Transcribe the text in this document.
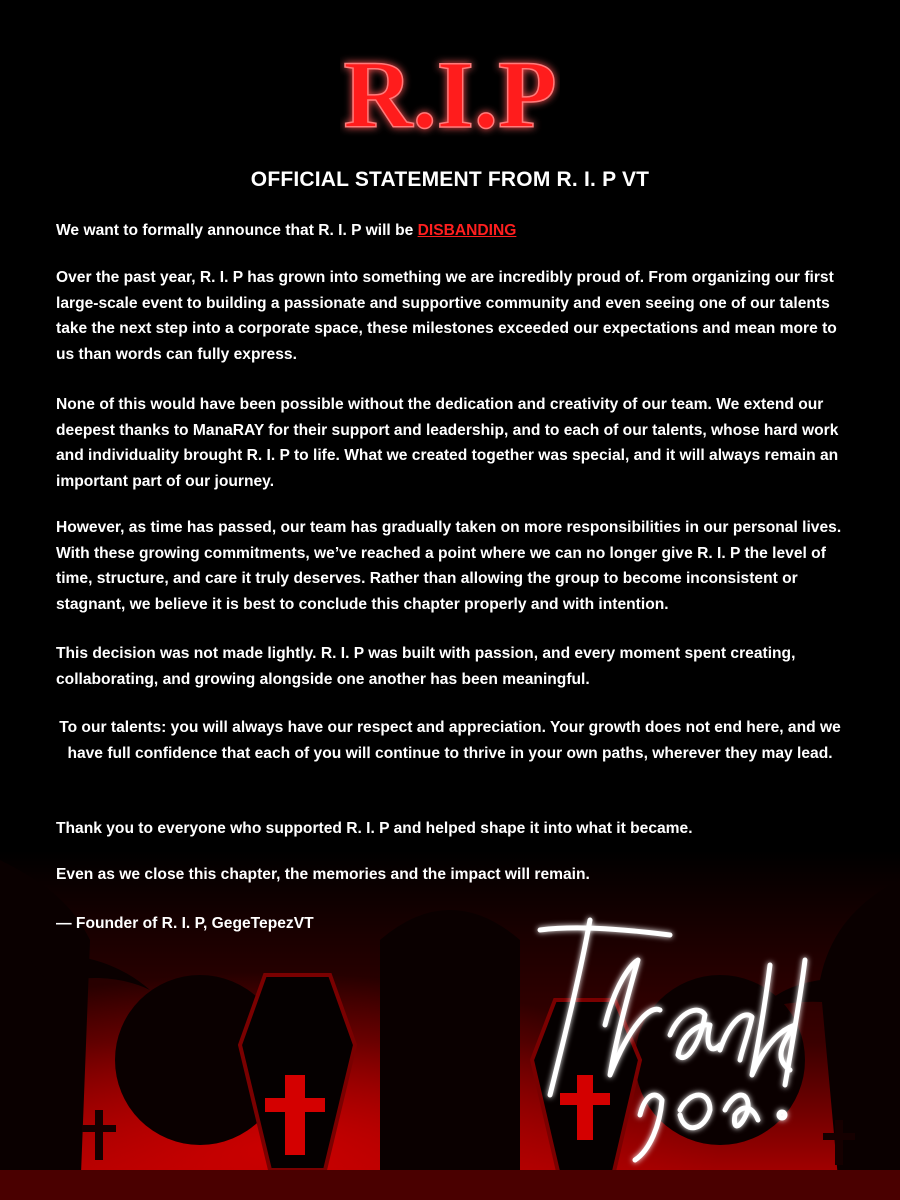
R.I.P
OFFICIAL STATEMENT FROM R. I. P VT
We want to formally announce that R. I. P will be DISBANDING
Over the past year, R. I. P has grown into something we are incredibly proud of. From organizing our first large-scale event to building a passionate and supportive community and even seeing one of our talents take the next step into a corporate space, these milestones exceeded our expectations and mean more to us than words can fully express.
None of this would have been possible without the dedication and creativity of our team. We extend our deepest thanks to ManaRAY for their support and leadership, and to each of our talents, whose hard work and individuality brought R. I. P to life. What we created together was special, and it will always remain an important part of our journey.
However, as time has passed, our team has gradually taken on more responsibilities in our personal lives. With these growing commitments, we’ve reached a point where we can no longer give R. I. P the level of time, structure, and care it truly deserves. Rather than allowing the group to become inconsistent or stagnant, we believe it is best to conclude this chapter properly and with intention.
This decision was not made lightly. R. I. P was built with passion, and every moment spent creating, collaborating, and growing alongside one another has been meaningful.
To our talents: you will always have our respect and appreciation. Your growth does not end here, and we have full confidence that each of you will continue to thrive in your own paths, wherever they may lead.
Thank you to everyone who supported R. I. P and helped shape it into what it became.
Even as we close this chapter, the memories and the impact will remain.
— Founder of R. I. P, GegeTepezVT
thank you!
